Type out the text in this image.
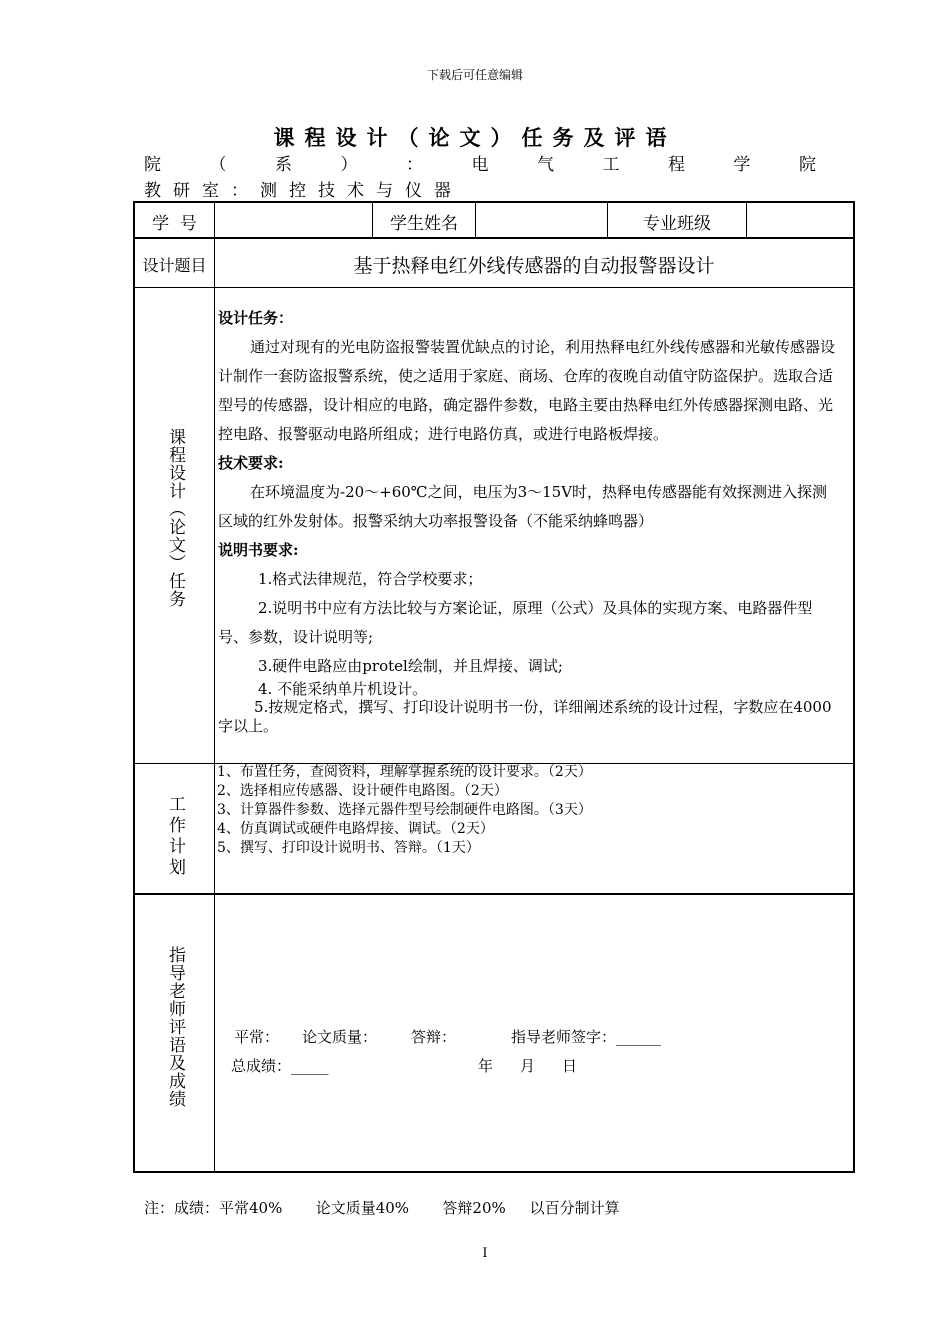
下载后可任意编辑
课程设计（论文）任务及评语
院	（	系	）	：	电	气	工	程	学	院
教研室：测控技术与仪器
学  号	学生姓名	专业班级
设计题目	基于热释电红外线传感器的自动报警器设计
课程设计（论文）任务

设计任务：

通过对现有的光电防盗报警装置优缺点的讨论，利用热释电红外线传感器和光敏传感器设计制作一套防盗报警系统，使之适用于家庭、商场、仓库的夜晚自动值守防盗保护。选取合适型号的传感器，设计相应的电路，确定器件参数，电路主要由热释电红外传感器探测电路、光控电路、报警驱动电路所组成；进行电路仿真，或进行电路板焊接。

技术要求:

在环境温度为-20～+60℃之间，电压为3～15V时，热释电传感器能有效探测进入探测区域的红外发射体。报警采纳大功率报警设备（不能采纳蜂鸣器）

说明书要求:

1.格式法律规范，符合学校要求；

2.说明书中应有方法比较与方案论证，原理（公式）及具体的实现方案、电路器件型号、参数，设计说明等;

3.硬件电路应由protel绘制，并且焊接、调试;

4. 不能采纳单片机设计。

5.按规定格式，撰写、打印设计说明书一份，详细阐述系统的设计过程，字数应在4000字以上。

工作计划

1、布置任务，查阅资料，理解掌握系统的设计要求。（2天）

2、选择相应传感器、设计硬件电路图。（2天）

3、计算器件参数、选择元器件型号绘制硬件电路图。（3天）

4、仿真调试或硬件电路焊接、调试。（2天）

5、撰写、打印设计说明书、答辩。（1天）

指导老师评语及成绩	平常： 论文质量： 答辩：	指导老师签字：______
总成绩：_____	年 月 日
注：成绩：平常40%       论文质量40%       答辩20%     以百分制计算
I
